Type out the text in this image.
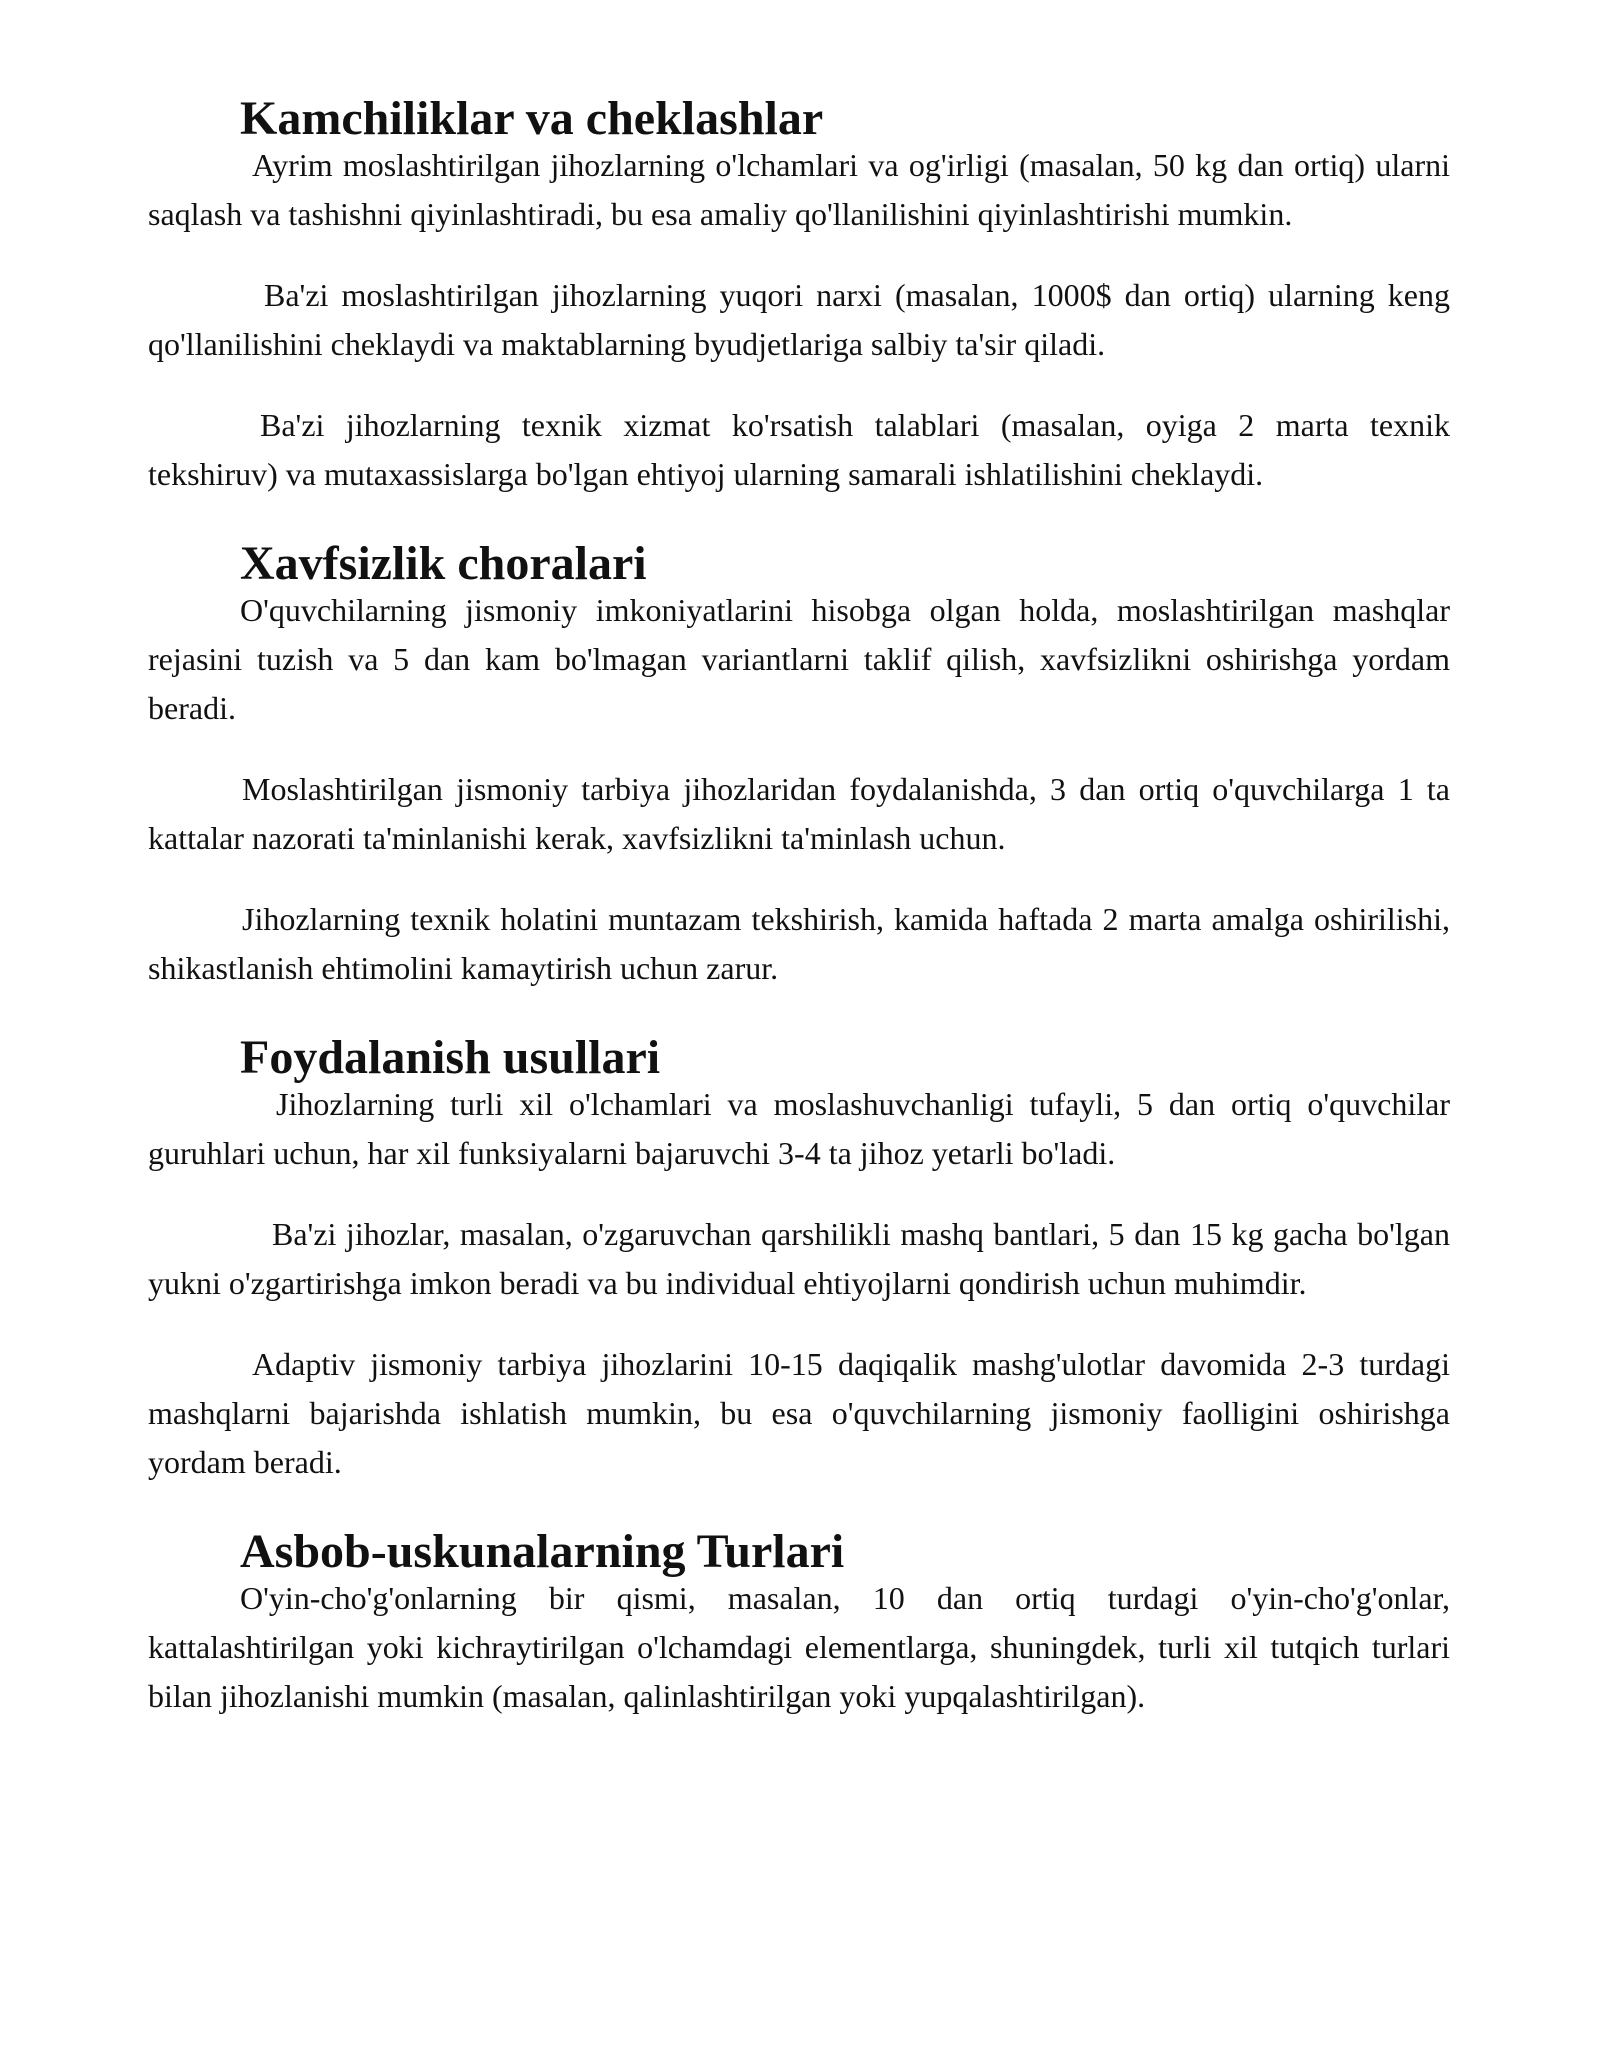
Kamchiliklar va cheklashlar

Ayrim moslashtirilgan jihozlarning o'lchamlari va og'irligi (masalan, 50 kg dan ortiq) ularni saqlash va tashishni qiyinlashtiradi, bu esa amaliy qo'llanilishini qiyinlashtirishi mumkin.

Ba'zi moslashtirilgan jihozlarning yuqori narxi (masalan, 1000$ dan ortiq) ularning keng qo'llanilishini cheklaydi va maktablarning byudjetlariga salbiy ta'sir qiladi.

Ba'zi jihozlarning texnik xizmat ko'rsatish talablari (masalan, oyiga 2 marta texnik tekshiruv) va mutaxassislarga bo'lgan ehtiyoj ularning samarali ishlatilishini cheklaydi.

Xavfsizlik choralari

O'quvchilarning jismoniy imkoniyatlarini hisobga olgan holda, moslashtirilgan mashqlar rejasini tuzish va 5 dan kam bo'lmagan variantlarni taklif qilish, xavfsizlikni oshirishga yordam beradi.

Moslashtirilgan jismoniy tarbiya jihozlaridan foydalanishda, 3 dan ortiq o'quvchilarga 1 ta kattalar nazorati ta'minlanishi kerak, xavfsizlikni ta'minlash uchun.

Jihozlarning texnik holatini muntazam tekshirish, kamida haftada 2 marta amalga oshirilishi, shikastlanish ehtimolini kamaytirish uchun zarur.

Foydalanish usullari

Jihozlarning turli xil o'lchamlari va moslashuvchanligi tufayli, 5 dan ortiq o'quvchilar guruhlari uchun, har xil funksiyalarni bajaruvchi 3-4 ta jihoz yetarli bo'ladi.

Ba'zi jihozlar, masalan, o'zgaruvchan qarshilikli mashq bantlari, 5 dan 15 kg gacha bo'lgan yukni o'zgartirishga imkon beradi va bu individual ehtiyojlarni qondirish uchun muhimdir.

Adaptiv jismoniy tarbiya jihozlarini 10-15 daqiqalik mashg'ulotlar davomida 2-3 turdagi mashqlarni bajarishda ishlatish mumkin, bu esa o'quvchilarning jismoniy faolligini oshirishga yordam beradi.

Asbob-uskunalarning Turlari

O'yin-cho'g'onlarning bir qismi, masalan, 10 dan ortiq turdagi o'yin-cho'g'onlar, kattalashtirilgan yoki kichraytirilgan o'lchamdagi elementlarga, shuningdek, turli xil tutqich turlari bilan jihozlanishi mumkin (masalan, qalinlashtirilgan yoki yupqalashtirilgan).
